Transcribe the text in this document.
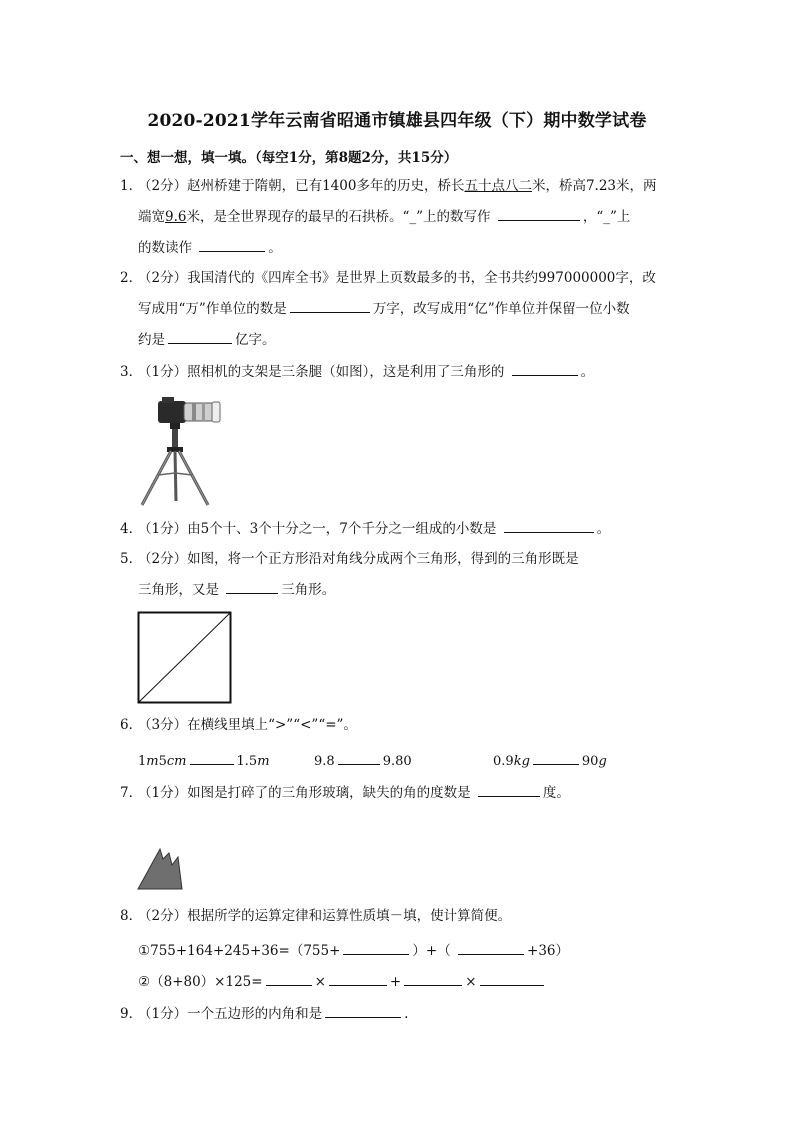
2020-2021学年云南省昭通市镇雄县四年级（下）期中数学试卷
一、想一想，填一填。（每空1分，第8题2分，共15分）
1．
（2分）赵州桥建于隋朝，已有1400多年的历史，桥长五十点八二米，桥高7.23米，两
端宽9.6米，是全世界现存的最早的石拱桥。“_”上的数写作	，“_”上
的数读作	。
2．
（2分）我国清代的《四库全书》是世界上页数最多的书，全书共约997000000字，改
写成用“万”作单位的数是	万字，改写成用“亿”作单位并保留一位小数
约是	亿字。
3．
（1分）照相机的支架是三条腿（如图），这是利用了三角形的	。
4．
（1分）由5个十、3个十分之一，7个千分之一组成的小数是	。
5．
（2分）如图，将一个正方形沿对角线分成两个三角形，得到的三角形既是
三角形，又是	三角形。
6．
（3分）在横线里填上“>”“<”“=”。
1m5cm	1.5m	9.8	9.80	0.9kg	90g
7．
（1分）如图是打碎了的三角形玻璃，缺失的角的度数是	度。
8．
（2分）根据所学的运算定律和运算性质填－填，使计算简便。
①755+164+245+36=（755+	）+（	+36）
②（8+80）×125=	×	+	×
9．
（1分）一个五边形的内角和是	.
